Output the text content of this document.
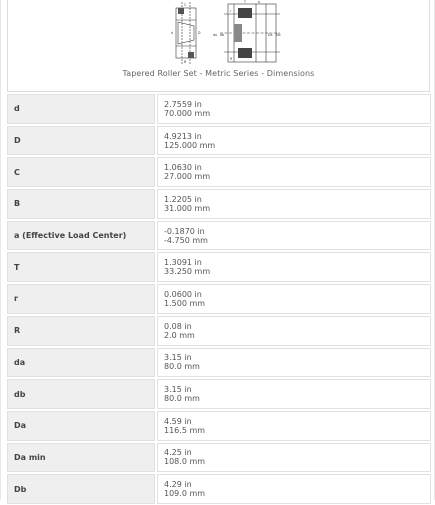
d	D
C
B
T
r
R
a
da db	Da Db
Tapered Roller Set - Metric Series - Dimensions
d	2.7559 in
70.000 mm
D	4.9213 in
125.000 mm
C	1.0630 in
27.000 mm
B	1.2205 in
31.000 mm
a (Effective Load Center)	-0.1870 in
-4.750 mm
T	1.3091 in
33.250 mm
r	0.0600 in
1.500 mm
R	0.08 in
2.0 mm
da	3.15 in
80.0 mm
db	3.15 in
80.0 mm
Da	4.59 in
116.5 mm
Da min	4.25 in
108.0 mm
Db	4.29 in
109.0 mm
